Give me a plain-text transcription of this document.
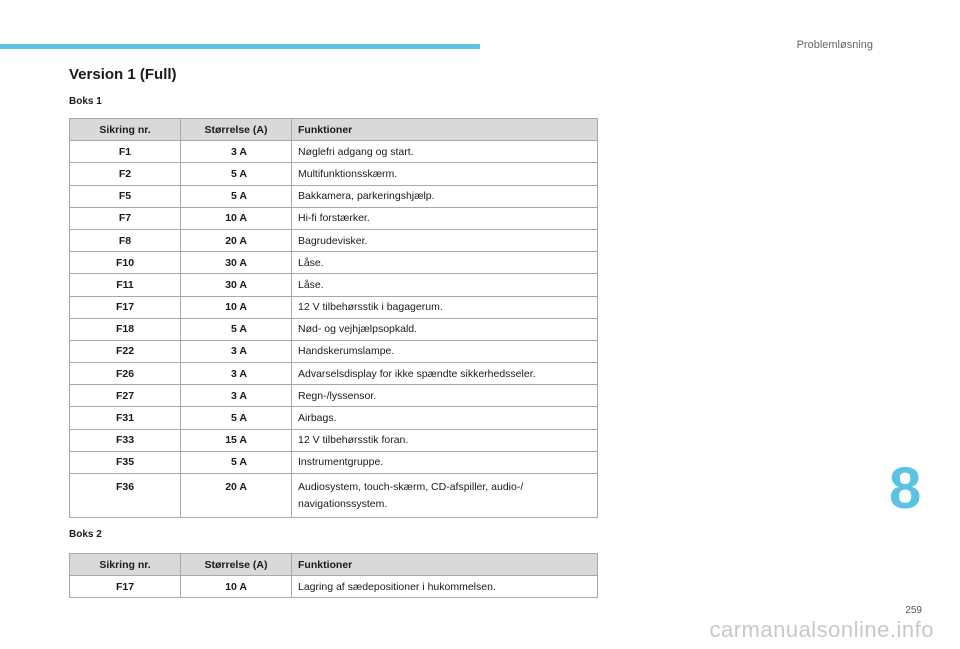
Problemløsning
Version 1 (Full)
Boks 1
Sikring nr.	Størrelse (A)	Funktioner
F1	3 A	Nøglefri adgang og start.
F2	5 A	Multifunktionsskærm.
F5	5 A	Bakkamera, parkeringshjælp.
F7	10 A	Hi-fi forstærker.
F8	20 A	Bagrudevisker.
F10	30 A	Låse.
F11	30 A	Låse.
F17	10 A	12 V tilbehørsstik i bagagerum.
F18	5 A	Nød- og vejhjælpsopkald.
F22	3 A	Handskerumslampe.
F26	3 A	Advarselsdisplay for ikke spændte sikkerhedsseler.
F27	3 A	Regn-/lyssensor.
F31	5 A	Airbags.
F33	15 A	12 V tilbehørsstik foran.
F35	5 A	Instrumentgruppe.
F36	20 A	Audiosystem, touch-skærm, CD-afspiller, audio-/ navigationssystem.
Boks 2
Sikring nr.	Størrelse (A)	Funktioner
F17	10 A	Lagring af sædepositioner i hukommelsen.
8
259
carmanualsonline.info
